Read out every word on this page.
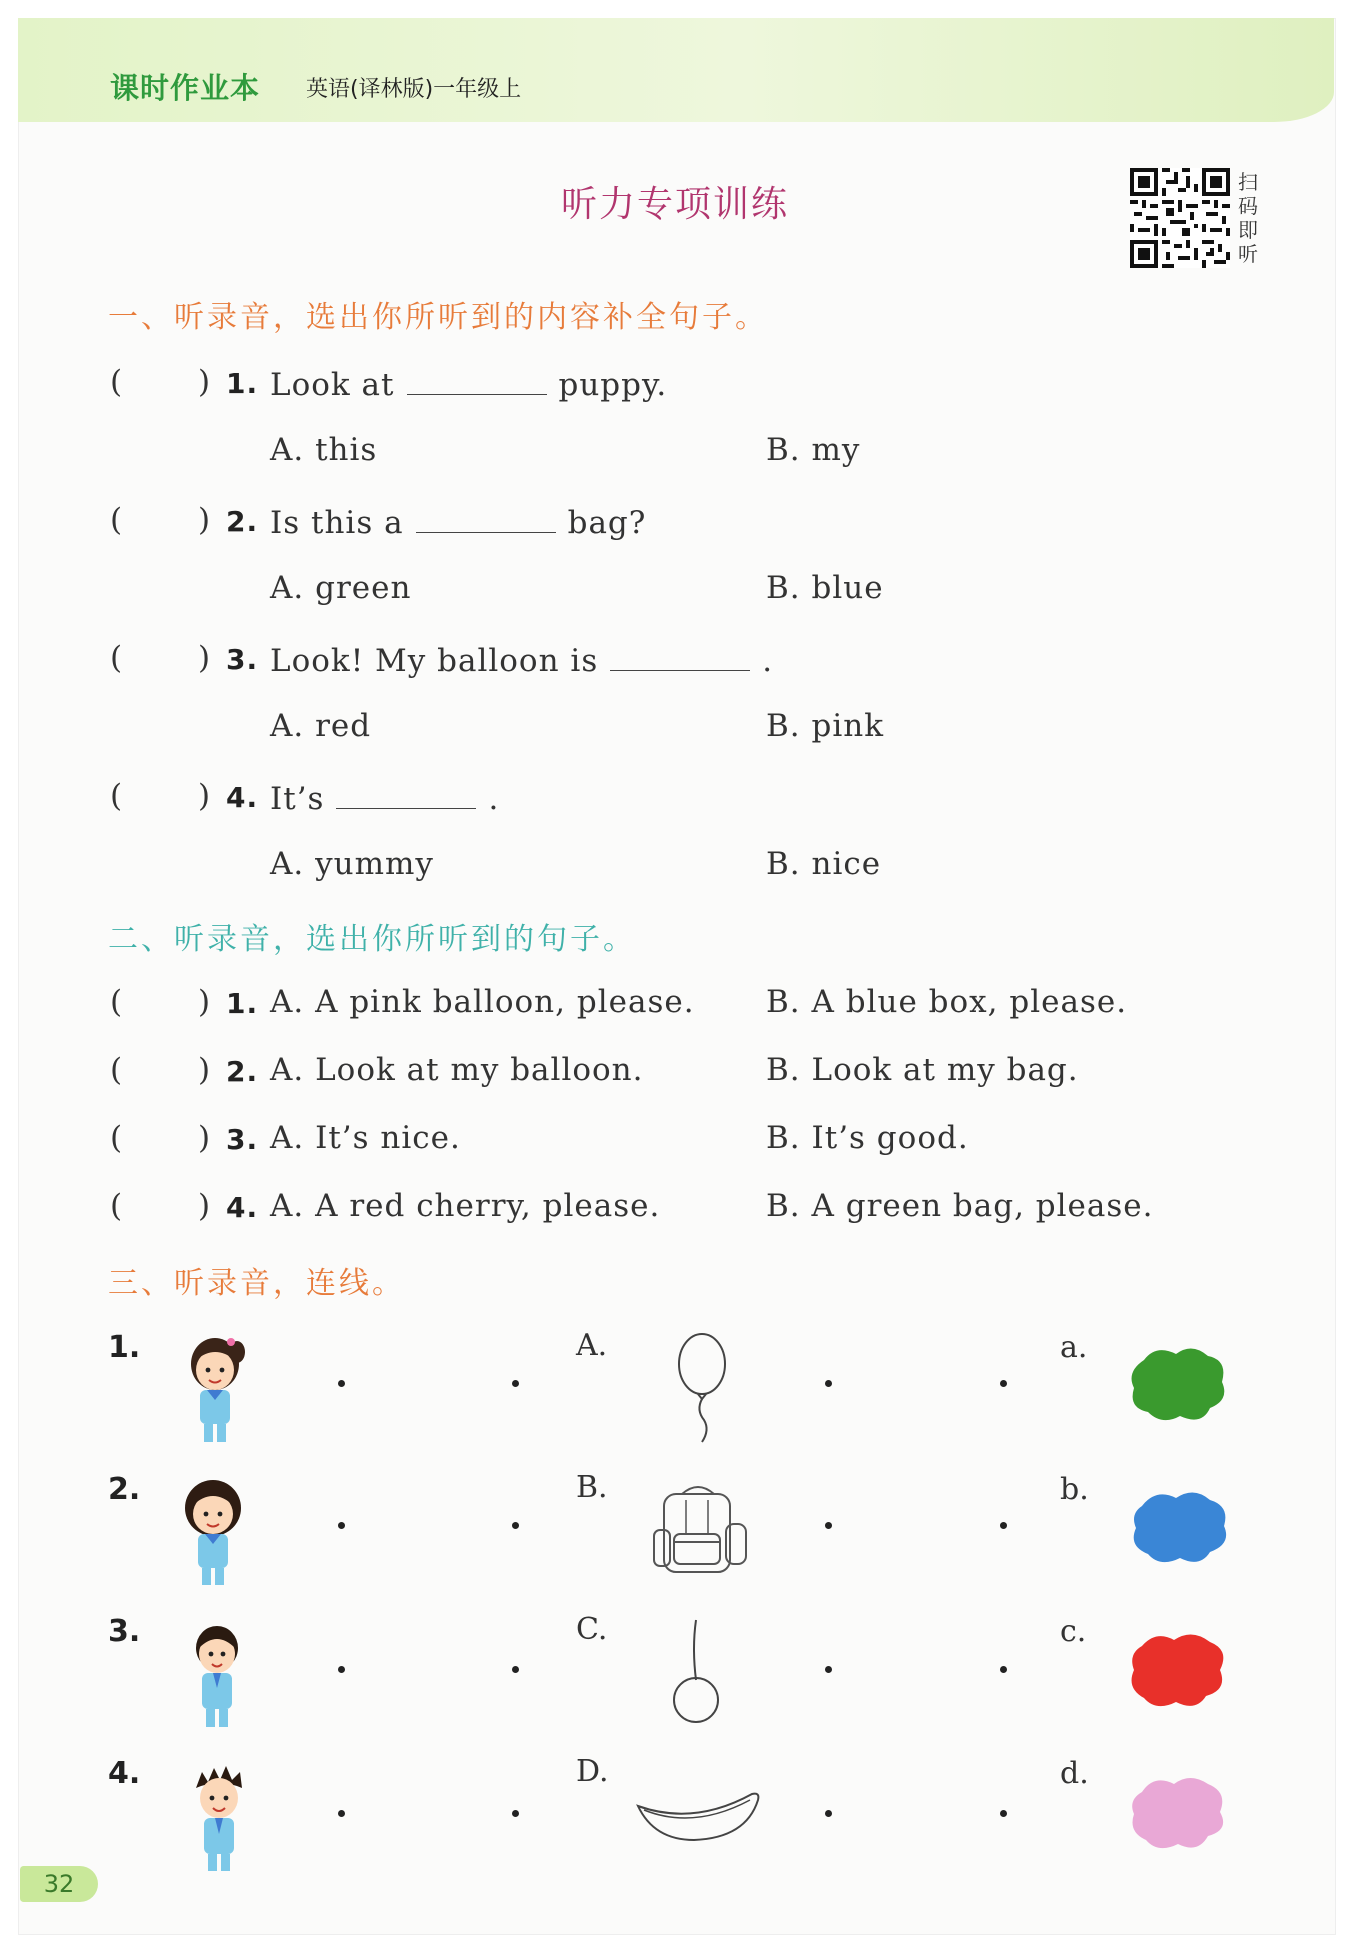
课时作业本 英语(译林版)一年级上
听力专项训练
扫码即听
一、听录音，选出你所听到的内容补全句子。
( ) 1. Look at	puppy.
A. this	B. my
( ) 2. Is this a	bag?
A. green	B. blue
( ) 3. Look! My balloon is	.
A. red	B. pink
( ) 4. It’s	.
A. yummy	B. nice
二、听录音，选出你所听到的句子。
( ) 1. A. A pink balloon, please. B. A blue box, please.
( ) 2. A. Look at my balloon.	B. Look at my bag.
( ) 3. A. It’s nice.	B. It’s good.
( ) 4. A. A red cherry, please.	B. A green bag, please.
三、听录音，连线。
1.	A.	a.
2.	B.	b.
3.	C.	c.
4.	D.	d.
32
